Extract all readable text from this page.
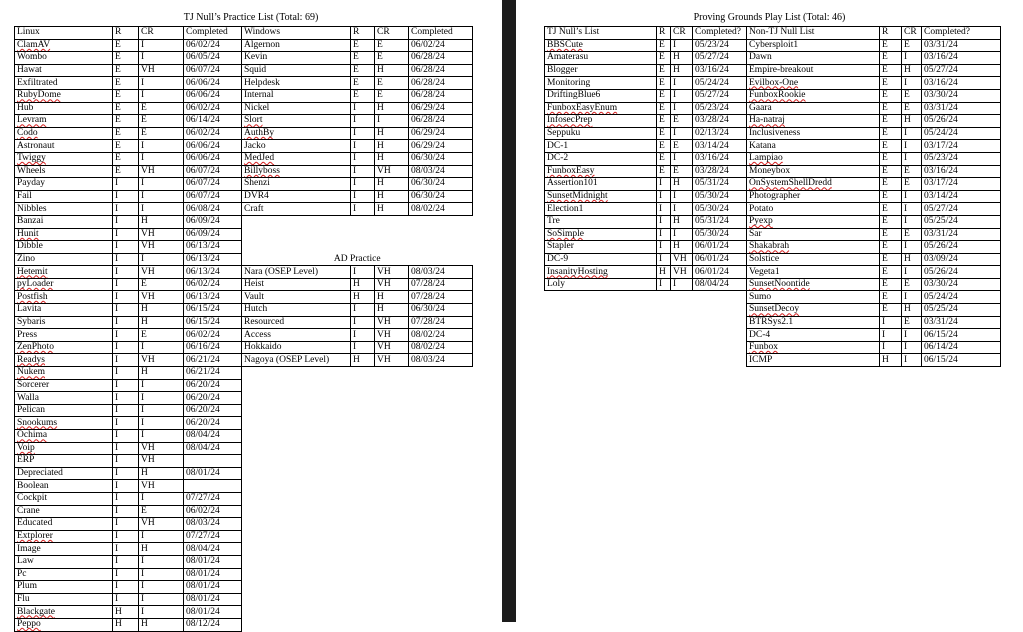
TJ Null’s Practice List (Total: 69)
Linux	R	CR	Completed	Windows	R	CR	Completed
ClamAV	E	I	06/02/24	Algernon	E	E	06/02/24
Wombo	E	I	06/05/24	Kevin	E	E	06/28/24
Hawat	E	VH	06/07/24	Squid	E	H	06/28/24
Exfiltrated	E	I	06/06/24	Helpdesk	E	E	06/28/24
RubyDome	E	I	06/06/24	Internal	E	E	06/28/24
Hub	E	E	06/02/24	Nickel	I	H	06/29/24
Levram	E	E	06/14/24	Slort	I	I	06/28/24
Codo	E	E	06/02/24	AuthBy	I	H	06/29/24
Astronaut	E	I	06/06/24	Jacko	I	H	06/29/24
Twiggy	E	I	06/06/24	MedJed	I	H	06/30/24
Wheels	E	VH	06/07/24	Billyboss	I	VH	08/03/24
Payday	I	I	06/07/24	Shenzi	I	H	06/30/24
Fail	I	I	06/07/24	DVR4	I	H	06/30/24
Nibbles	I	I	06/08/24	Craft	I	H	08/02/24
Banzai	I	H	06/09/24				
Hunit	I	VH	06/09/24				
Dibble	I	VH	06/13/24				
Zino	I	I	06/13/24	AD Practice			
Hetemit	I	VH	06/13/24	Nara (OSEP Level)	I	VH	08/03/24
pyLoader	I	E	06/02/24	Heist	H	VH	07/28/24
Postfish	I	VH	06/13/24	Vault	H	H	07/28/24
Lavita	I	H	06/15/24	Hutch	I	H	06/30/24
Sybaris	I	H	06/15/24	Resourced	I	VH	07/28/24
Press	I	E	06/02/24	Access	I	VH	08/02/24
ZenPhoto	I	I	06/16/24	Hokkaido	I	VH	08/02/24
Readys	I	VH	06/21/24	Nagoya (OSEP Level)	H	VH	08/03/24
Nukem	I	H	06/21/24				
Sorcerer	I	I	06/20/24				
Walla	I	I	06/20/24				
Pelican	I	I	06/20/24				
Snookums	I	I	06/20/24				
Ochima	I	I	08/04/24				
Voip	I	VH	08/04/24				
ERP	I	VH					
Depreciated	I	H	08/01/24				
Boolean	I	VH					
Cockpit	I	I	07/27/24				
Crane	I	E	06/02/24				
Educated	I	VH	08/03/24				
Extplorer	I	I	07/27/24				
Image	I	H	08/04/24				
Law	I	I	08/01/24				
Pc	I	I	08/01/24				
Plum	I	I	08/01/24				
Flu	I	I	08/01/24				
Blackgate	H	I	08/01/24				
Peppo	H	H	08/12/24				
Proving Grounds Play List (Total: 46)
TJ Null’s List	R	CR	Completed?	Non-TJ Null List	R	CR	Completed?
BBSCute	E	I	05/23/24	Cybersploit1	E	E	03/31/24
Amaterasu	E	H	05/27/24	Dawn	E	I	03/16/24
Blogger	E	H	03/16/24	Empire-breakout	E	H	05/27/24
Monitoring	E	I	05/24/24	Evilbox-One	E	I	03/16/24
DriftingBlue6	E	I	05/27/24	FunboxRookie	E	E	03/30/24
FunboxEasyEnum	E	I	05/23/24	Gaara	E	E	03/31/24
InfosecPrep	E	E	03/28/24	Ha-natraj	E	H	05/26/24
Seppuku	E	I	02/13/24	Inclusiveness	E	I	05/24/24
DC-1	E	E	03/14/24	Katana	E	I	03/17/24
DC-2	E	I	03/16/24	Lampiao	E	I	05/23/24
FunboxEasy	E	E	03/28/24	Moneybox	E	E	03/16/24
Assertion101	I	H	05/31/24	OnSystemShellDredd	E	E	03/17/24
SunsetMidnight	I	I	05/30/24	Photographer	E	I	03/14/24
Election1	I	I	05/30/24	Potato	E	I	05/27/24
Tre	I	H	05/31/24	Pyexp	E	I	05/25/24
SoSimple	I	I	05/30/24	Sar	E	E	03/31/24
Stapler	I	H	06/01/24	Shakabrah	E	I	05/26/24
DC-9	I	VH	06/01/24	Solstice	E	H	03/09/24
InsanityHosting	H	VH	06/01/24	Vegeta1	E	I	05/26/24
Loly	I	I	08/04/24	SunsetNoontide	E	E	03/30/24
				Sumo	E	I	05/24/24
				SunsetDecoy	E	H	05/25/24
				BTRSys2.1	I	E	03/31/24
				DC-4	I	I	06/15/24
				Funbox	I	I	06/14/24
				ICMP	H	I	06/15/24
